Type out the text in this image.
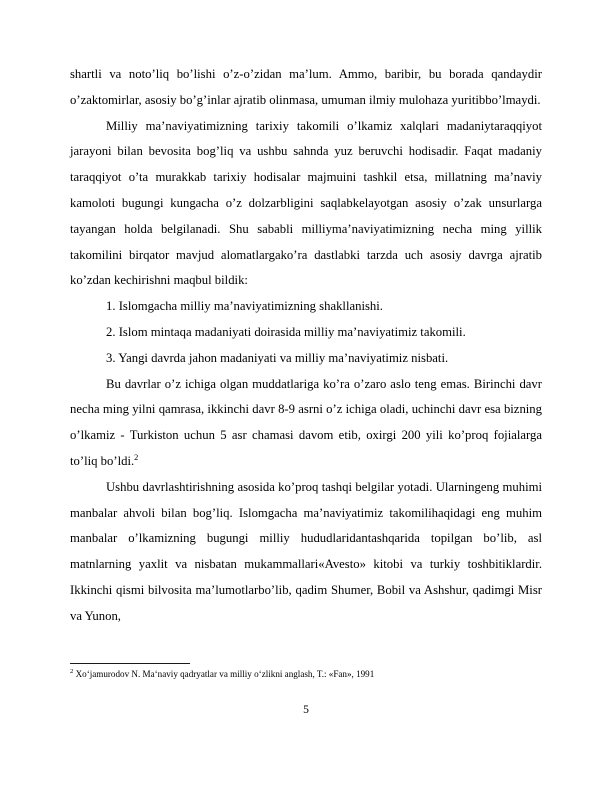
shartli va noto’liq bo’lishi o’z-o’zidan ma’lum. Ammo, baribir, bu borada qandaydir o’zaktomirlar, asosiy bo’g’inlar ajratib olinmasa, umuman ilmiy mulohaza yuritibbo’lmaydi.

Milliy ma’naviyatimizning tarixiy takomili o’lkamiz xalqlari madaniytaraqqiyot jarayoni bilan bevosita bog’liq va ushbu sahnda yuz beruvchi hodisadir. Faqat madaniy taraqqiyot o’ta murakkab tarixiy hodisalar majmuini tashkil etsa, millatning ma’naviy kamoloti bugungi kungacha o’z dolzarbligini saqlabkelayotgan asosiy o’zak unsurlarga tayangan holda belgilanadi. Shu sababli milliyma’naviyatimizning necha ming yillik takomilini birqator mavjud alomatlargako’ra dastlabki tarzda uch asosiy davrga ajratib ko’zdan kechirishni maqbul bildik:

1. Islomgacha milliy ma’naviyatimizning shakllanishi.
2. Islom mintaqa madaniyati doirasida milliy ma’naviyatimiz takomili.
3. Yangi davrda jahon madaniyati va milliy ma’naviyatimiz nisbati.

Bu davrlar o’z ichiga olgan muddatlariga ko’ra o’zaro aslo teng emas. Birinchi davr necha ming yilni qamrasa, ikkinchi davr 8-9 asrni o’z ichiga oladi, uchinchi davr esa bizning o’lkamiz - Turkiston uchun 5 asr chamasi davom etib, oxirgi 200 yili ko’proq fojialarga to’liq bo’ldi.$^2$

Ushbu davrlashtirishning asosida ko’proq tashqi belgilar yotadi. Ularningeng muhimi manbalar ahvoli bilan bog’liq. Islomgacha ma’naviyatimiz takomilihaqidagi eng muhim manbalar o’lkamizning bugungi milliy hududlaridantashqarida topilgan bo’lib, asl matnlarning yaxlit va nisbatan mukammallari«Avesto» kitobi va turkiy toshbitiklardir. Ikkinchi qismi bilvosita ma’lumotlarbo’lib, qadim Shumer, Bobil va Ashshur, qadimgi Misr va Yunon,

$^2$ Xo‘jamurodov N. Ma‘naviy qadryatlar va milliy o‘zlikni anglash, T.: «Fan», 1991

5
